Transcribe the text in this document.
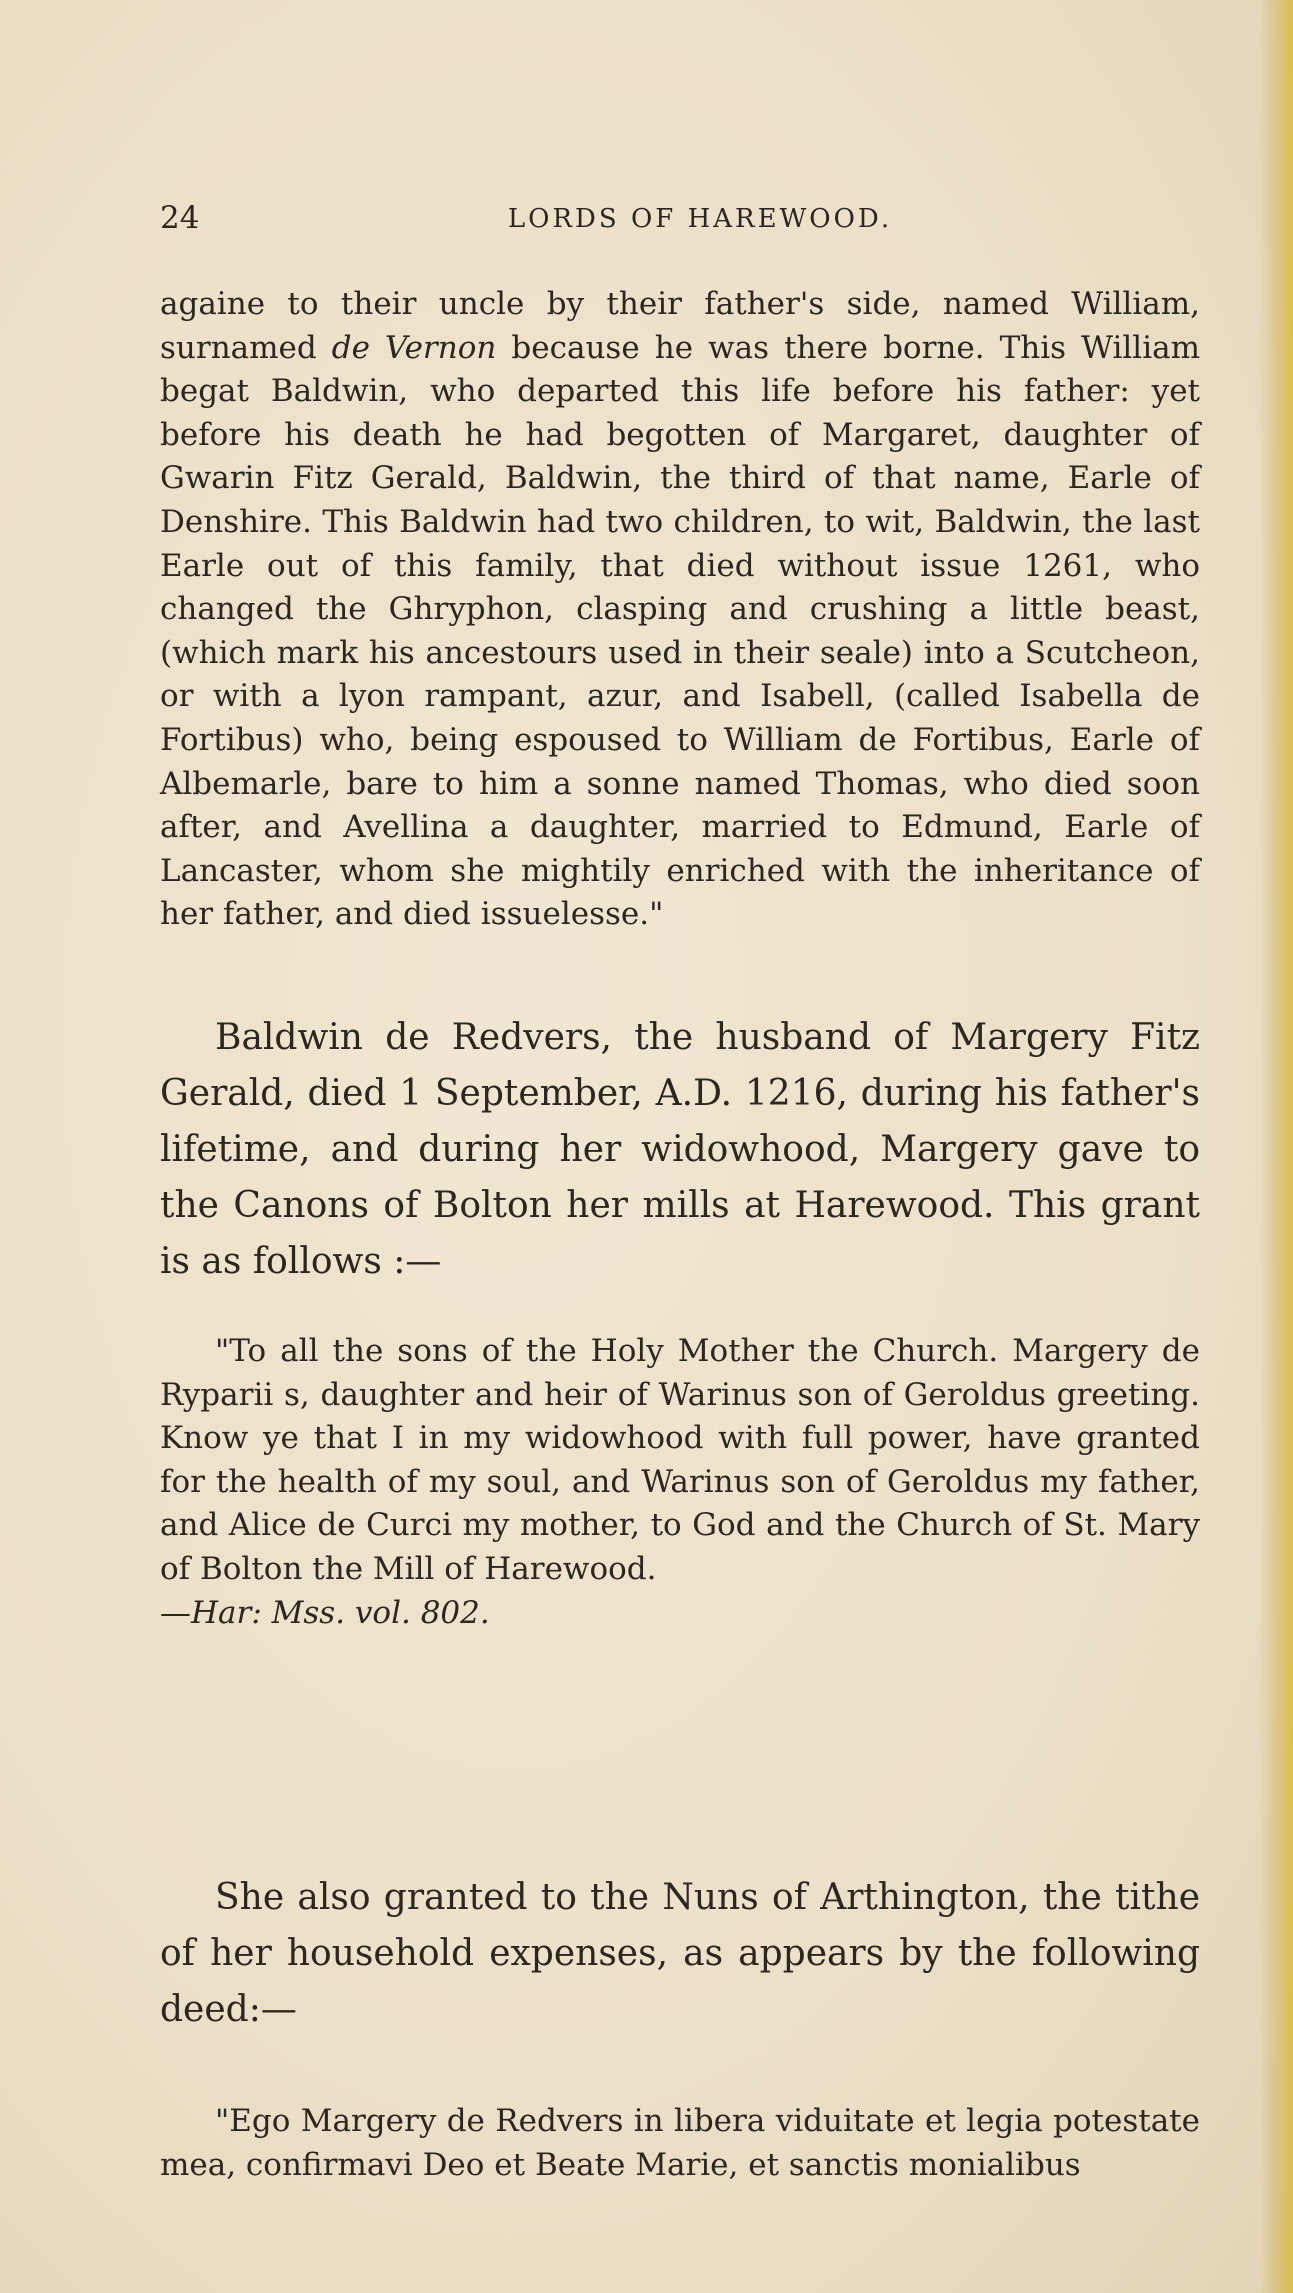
24	LORDS OF HAREWOOD.
againe to their uncle by their father's side, named William, surnamed de Vernon because he was there borne. This William begat Baldwin, who departed this life before his father: yet before his death he had begotten of Margaret, daughter of Gwarin Fitz Gerald, Baldwin, the third of that name, Earle of Denshire. This Baldwin had two children, to wit, Baldwin, the last Earle out of this family, that died without issue 1261, who changed the Ghryphon, clasping and crushing a little beast, (which mark his ancestours used in their seale) into a Scutcheon, or with a lyon rampant, azur, and Isabell, (called Isabella de Fortibus) who, being espoused to William de Fortibus, Earle of Albemarle, bare to him a sonne named Thomas, who died soon after, and Avellina a daughter, married to Edmund, Earle of Lancaster, whom she mightily enriched with the inheritance of her father, and died issuelesse."
Baldwin de Redvers, the husband of Margery Fitz Gerald, died 1 September, A.D. 1216, during his father's lifetime, and during her widowhood, Margery gave to the Canons of Bolton her mills at Harewood. This grant is as follows :—
"To all the sons of the Holy Mother the Church. Margery de Ryparii s, daughter and heir of Warinus son of Geroldus greeting. Know ye that I in my widowhood with full power, have granted for the health of my soul, and Warinus son of Geroldus my father, and Alice de Curci my mother, to God and the Church of St. Mary of Bolton the Mill of Harewood.
—Har: Mss. vol. 802.
She also granted to the Nuns of Arthington, the tithe of her household expenses, as appears by the following deed:—
"Ego Margery de Redvers in libera viduitate et legia potestate mea, confirmavi Deo et Beate Marie, et sanctis monialibus
